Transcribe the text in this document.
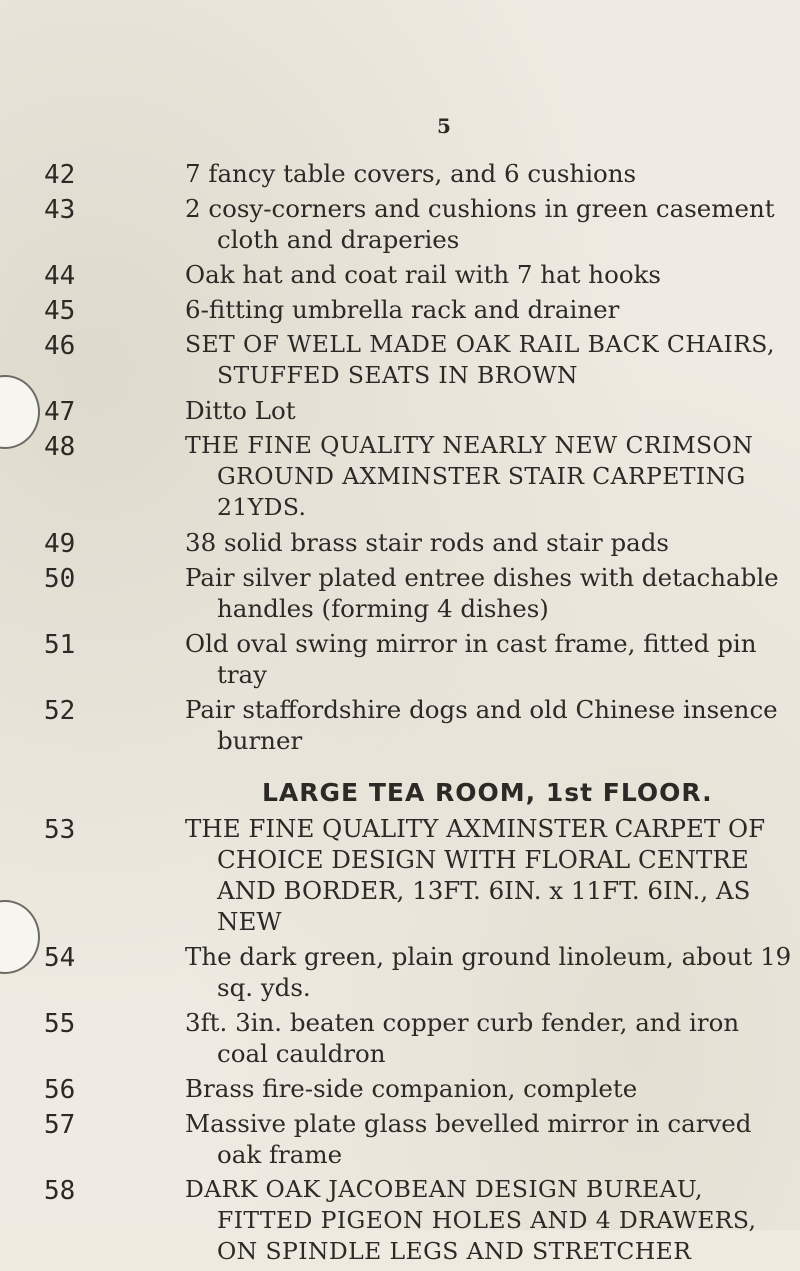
5
42	7 fancy table covers, and 6 cushions
43	2 cosy-corners and cushions in green casement cloth and draperies
44	Oak hat and coat rail with 7 hat hooks
45	6-fitting umbrella rack and drainer
46	SET OF WELL MADE OAK RAIL BACK CHAIRS, STUFFED SEATS IN BROWN
47	Ditto Lot
48	THE FINE QUALITY NEARLY NEW CRIMSON GROUND AXMINSTER STAIR CARPETING 21YDS.
49	38 solid brass stair rods and stair pads
50	Pair silver plated entree dishes with detachable handles (forming 4 dishes)
51	Old oval swing mirror in cast frame, fitted pin tray
52	Pair staffordshire dogs and old Chinese insence burner
LARGE TEA ROOM, 1st FLOOR.
53	THE FINE QUALITY AXMINSTER CARPET OF CHOICE DESIGN WITH FLORAL CENTRE AND BORDER, 13FT. 6IN. x 11FT. 6IN., AS NEW
54	The dark green, plain ground linoleum, about 19 sq. yds.
55	3ft. 3in. beaten copper curb fender, and iron coal cauldron
56	Brass fire-side companion, complete
57	Massive plate glass bevelled mirror in carved oak frame
58	DARK OAK JACOBEAN DESIGN BUREAU, FITTED PIGEON HOLES AND 4 DRAWERS, ON SPINDLE LEGS AND STRETCHER
